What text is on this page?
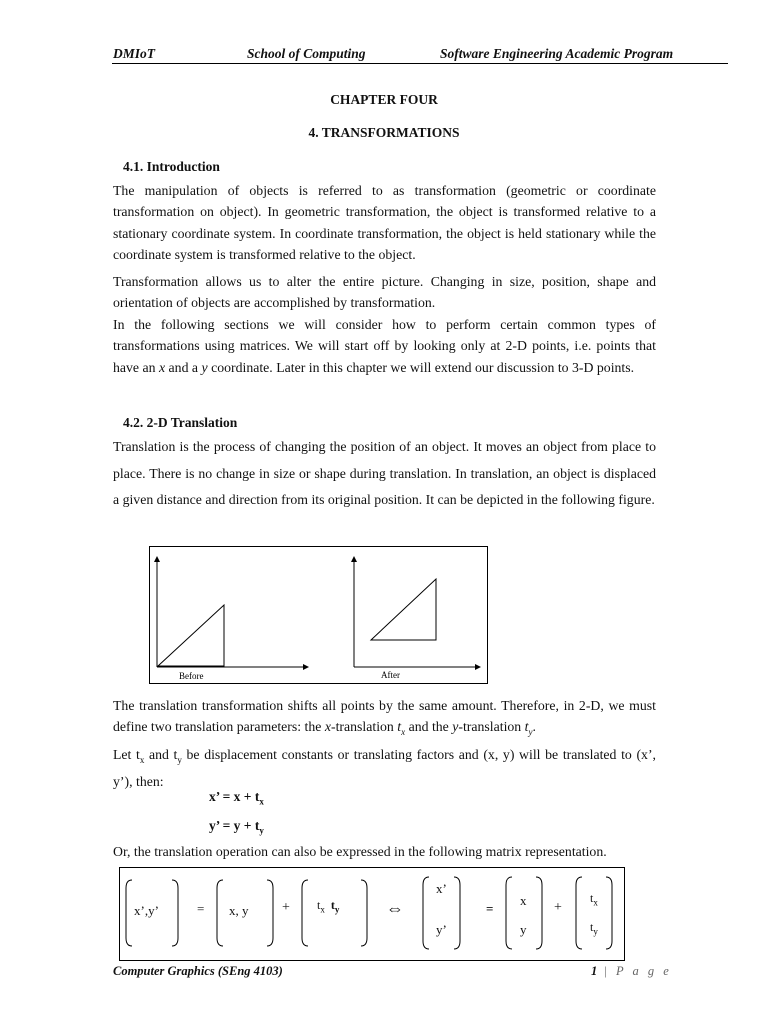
DMIoT	School of Computing	Software Engineering Academic Program
CHAPTER FOUR
4. TRANSFORMATIONS
4.1. Introduction
The manipulation of objects is referred to as transformation (geometric or coordinate transformation on object). In geometric transformation, the object is transformed relative to a stationary coordinate system. In coordinate transformation, the object is held stationary while the coordinate system is transformed relative to the object.
Transformation allows us to alter the entire picture. Changing in size, position, shape and orientation of objects are accomplished by transformation.
In the following sections we will consider how to perform certain common types of transformations using matrices. We will start off by looking only at 2-D points, i.e. points that have an x and a y coordinate. Later in this chapter we will extend our discussion to 3-D points.
4.2. 2-D Translation
Translation is the process of changing the position of an object. It moves an object from place to place. There is no change in size or shape during translation. In translation, an object is displaced a given distance and direction from its original position. It can be depicted in the following figure.
Before	After
The translation transformation shifts all points by the same amount. Therefore, in 2-D, we must define two translation parameters: the x-translation $t_x$ and the y-translation $t_y$.
Let $t_x$ and $t_y$ be displacement constants or translating factors and (x, y) will be translated to (x’, y’), then:
x’ = $x + t_x$
y’ = $y + t_y$
Or, the translation operation can also be expressed in the following matrix representation.
x’,y’	= x, $y + t_x$ $t_y$	⇔
x’
y’
=
x
y
+
$t_x$
$t_y$
Computer Graphics (SEng 4103)	1 | P a g e
